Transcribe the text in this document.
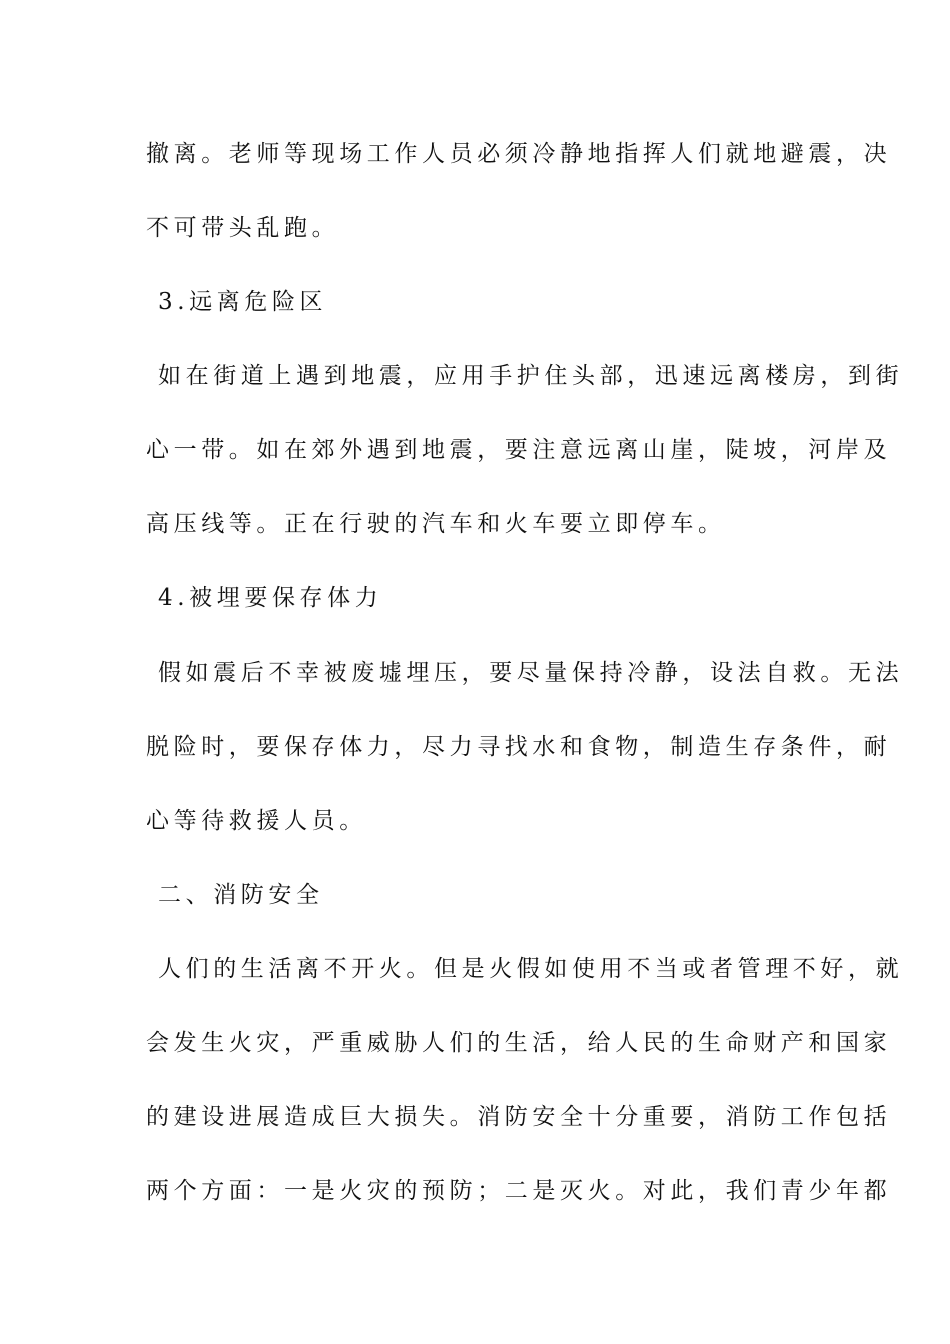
撤离。老师等现场工作人员必须冷静地指挥人们就地避震，决
不可带头乱跑。
3.远离危险区
如在街道上遇到地震，应用手护住头部，迅速远离楼房，到街
心一带。如在郊外遇到地震，要注意远离山崖，陡坡，河岸及
高压线等。正在行驶的汽车和火车要立即停车。
4.被埋要保存体力
假如震后不幸被废墟埋压，要尽量保持冷静，设法自救。无法
脱险时，要保存体力，尽力寻找水和食物，制造生存条件，耐
心等待救援人员。
二、消防安全
人们的生活离不开火。但是火假如使用不当或者管理不好，就
会发生火灾，严重威胁人们的生活，给人民的生命财产和国家
的建设进展造成巨大损失。消防安全十分重要，消防工作包括
两个方面：一是火灾的预防；二是灭火。对此，我们青少年都
